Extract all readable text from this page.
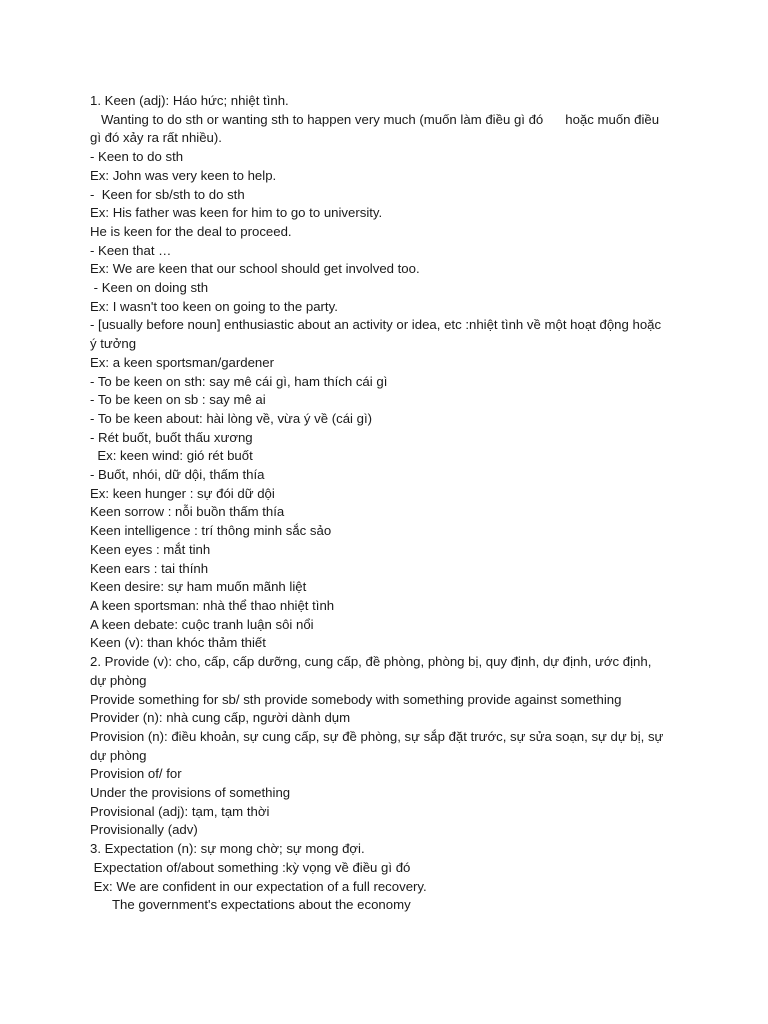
1. Keen (adj): Háo hức; nhiệt tình.

Wanting to do sth or wanting sth to happen very much (muốn làm điều gì đó      hoặc muốn điều gì đó xảy ra rất nhiều).

- Keen to do sth

Ex: John was very keen to help.

-  Keen for sb/sth to do sth

Ex: His father was keen for him to go to university.

He is keen for the deal to proceed.

- Keen that …

Ex: We are keen that our school should get involved too.

- Keen on doing sth

Ex: I wasn't too keen on going to the party.

- [usually before noun] enthusiastic about an activity or idea, etc :nhiệt tình về một hoạt động hoặc ý tưởng

Ex: a keen sportsman/gardener

- To be keen on sth: say mê cái gì, ham thích cái gì

- To be keen on sb : say mê ai

- To be keen about: hài lòng về, vừa ý về (cái gì)

- Rét buốt, buốt thấu xương

Ex: keen wind: gió rét buốt

- Buốt, nhói, dữ dội, thấm thía

Ex: keen hunger : sự đói dữ dội

Keen sorrow : nỗi buồn thấm thía

Keen intelligence : trí thông minh sắc sảo

Keen eyes : mắt tinh

Keen ears : tai thính

Keen desire: sự ham muốn mãnh liệt

A keen sportsman: nhà thể thao nhiệt tình

A keen debate: cuộc tranh luận sôi nổi

Keen (v): than khóc thảm thiết

2. Provide (v): cho, cấp, cấp dưỡng, cung cấp, đề phòng, phòng bị, quy định, dự định, ước định, dự phòng

Provide something for sb/ sth provide somebody with something provide against something

Provider (n): nhà cung cấp, người dành dụm

Provision (n): điều khoản, sự cung cấp, sự đề phòng, sự sắp đặt trước, sự sửa soạn, sự dự bị, sự dự phòng

Provision of/ for

Under the provisions of something

Provisional (adj): tạm, tạm thời

Provisionally (adv)

3. Expectation (n): sự mong chờ; sự mong đợi.

Expectation of/about something :kỳ vọng về điều gì đó

Ex: We are confident in our expectation of a full recovery.

The government's expectations about the economy
